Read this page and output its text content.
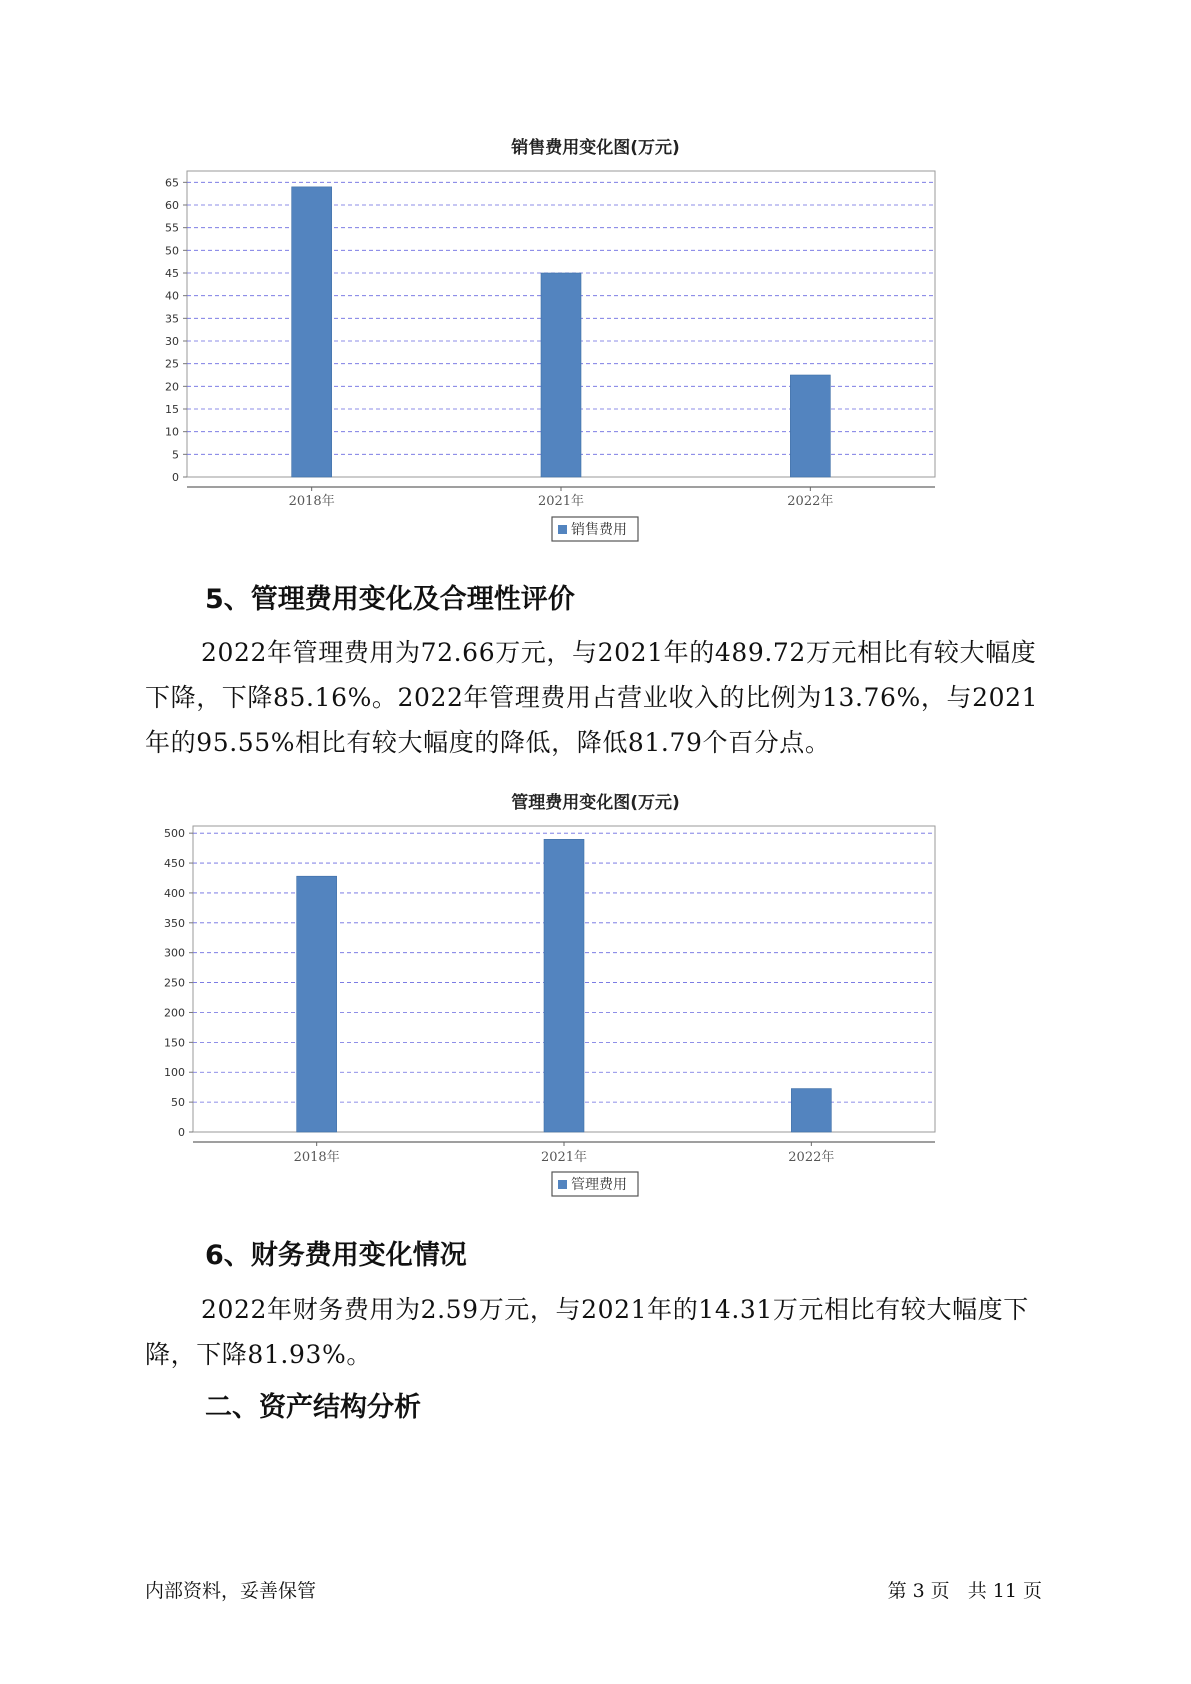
销售费用变化图(万元)
0
5
10
15
20
25
30
35
40
45
50
55
60
65
2018年	2021年	2022年
销售费用
5、管理费用变化及合理性评价

2022年管理费用为72.66万元，与2021年的489.72万元相比有较大幅度下降，下降85.16%。2022年管理费用占营业收入的比例为13.76%，与2021年的95.55%相比有较大幅度的降低，降低81.79个百分点。

管理费用变化图(万元)
0
50
100
150
200
250
300
350
400
450
500
2018年	2021年	2022年
管理费用
6、财务费用变化情况

2022年财务费用为2.59万元，与2021年的14.31万元相比有较大幅度下降，下降81.93%。

二、资产结构分析
内部资料，妥善保管	第 3 页 共 11 页
